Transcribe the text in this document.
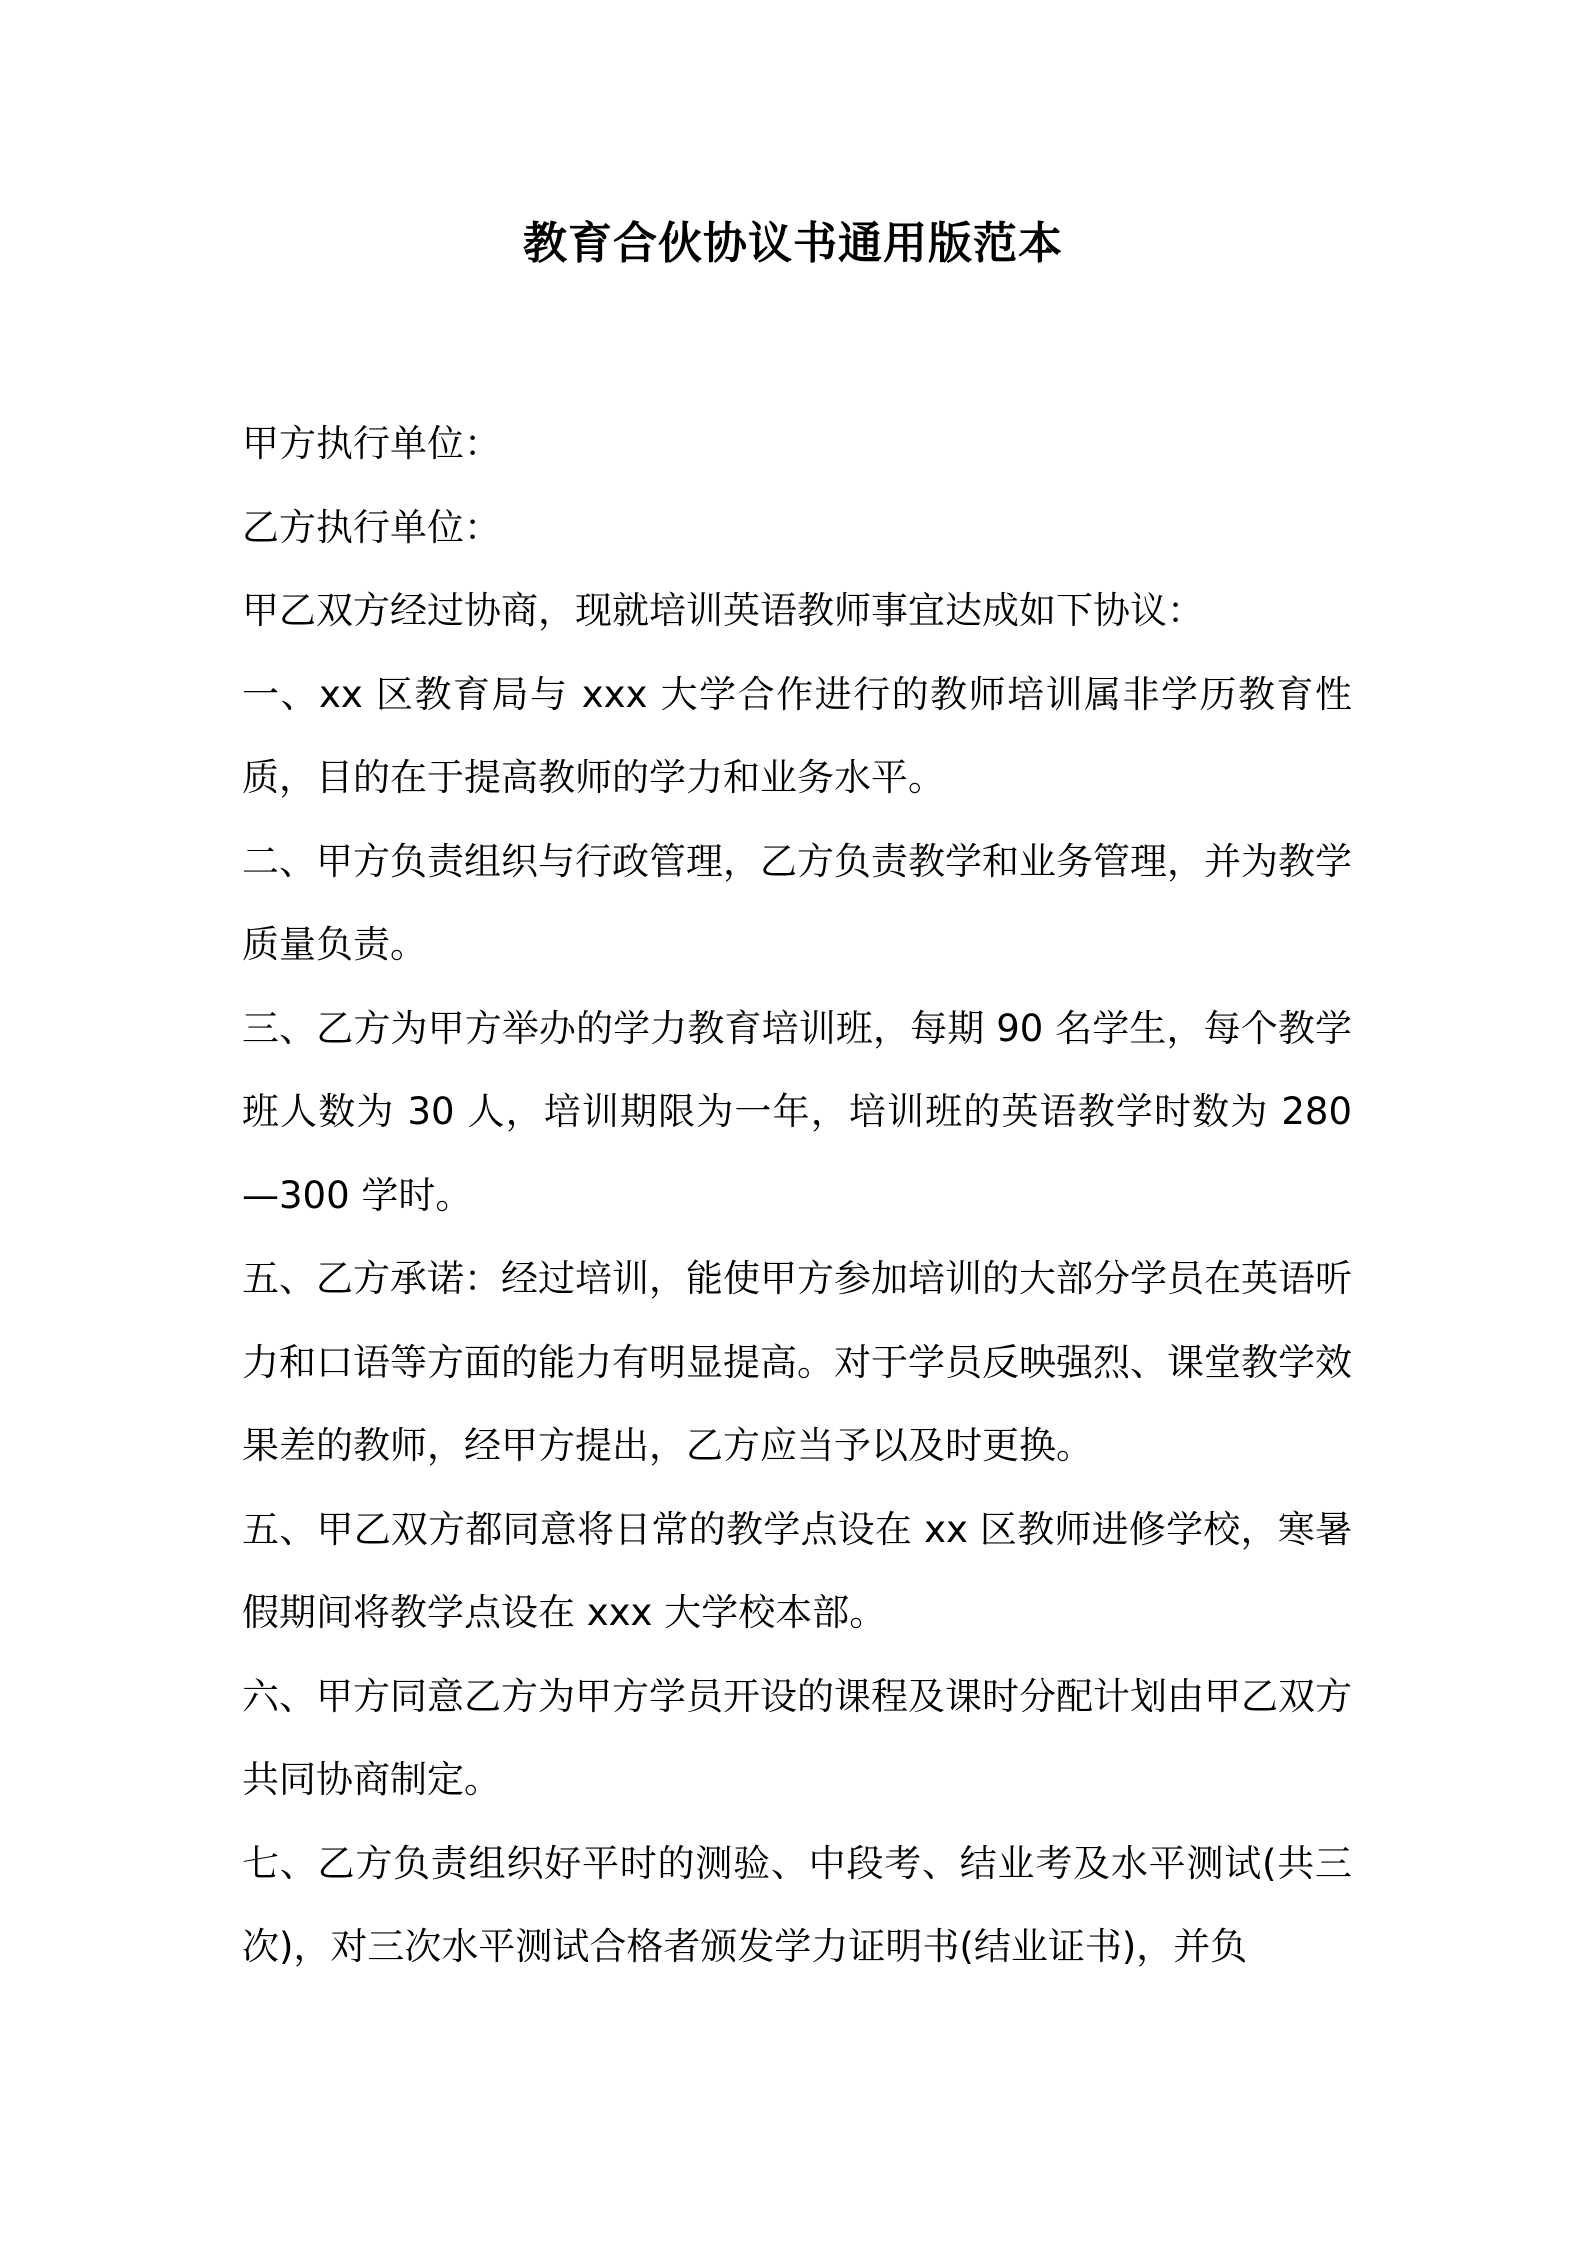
教育合伙协议书通用版范本

甲方执行单位：

乙方执行单位：

甲乙双方经过协商，现就培训英语教师事宜达成如下协议：

一、xx 区教育局与 xxx 大学合作进行的教师培训属非学历教育性质，目的在于提高教师的学力和业务水平。

二、甲方负责组织与行政管理，乙方负责教学和业务管理，并为教学质量负责。

三、乙方为甲方举办的学力教育培训班，每期 90 名学生，每个教学班人数为 30 人，培训期限为一年，培训班的英语教学时数为 280—300 学时。

五、乙方承诺：经过培训，能使甲方参加培训的大部分学员在英语听力和口语等方面的能力有明显提高。对于学员反映强烈、课堂教学效果差的教师，经甲方提出，乙方应当予以及时更换。

五、甲乙双方都同意将日常的教学点设在 xx 区教师进修学校，寒暑假期间将教学点设在 xxx 大学校本部。

六、甲方同意乙方为甲方学员开设的课程及课时分配计划由甲乙双方共同协商制定。

七、乙方负责组织好平时的测验、中段考、结业考及水平测试(共三次)，对三次水平测试合格者颁发学力证明书(结业证书)，并负
